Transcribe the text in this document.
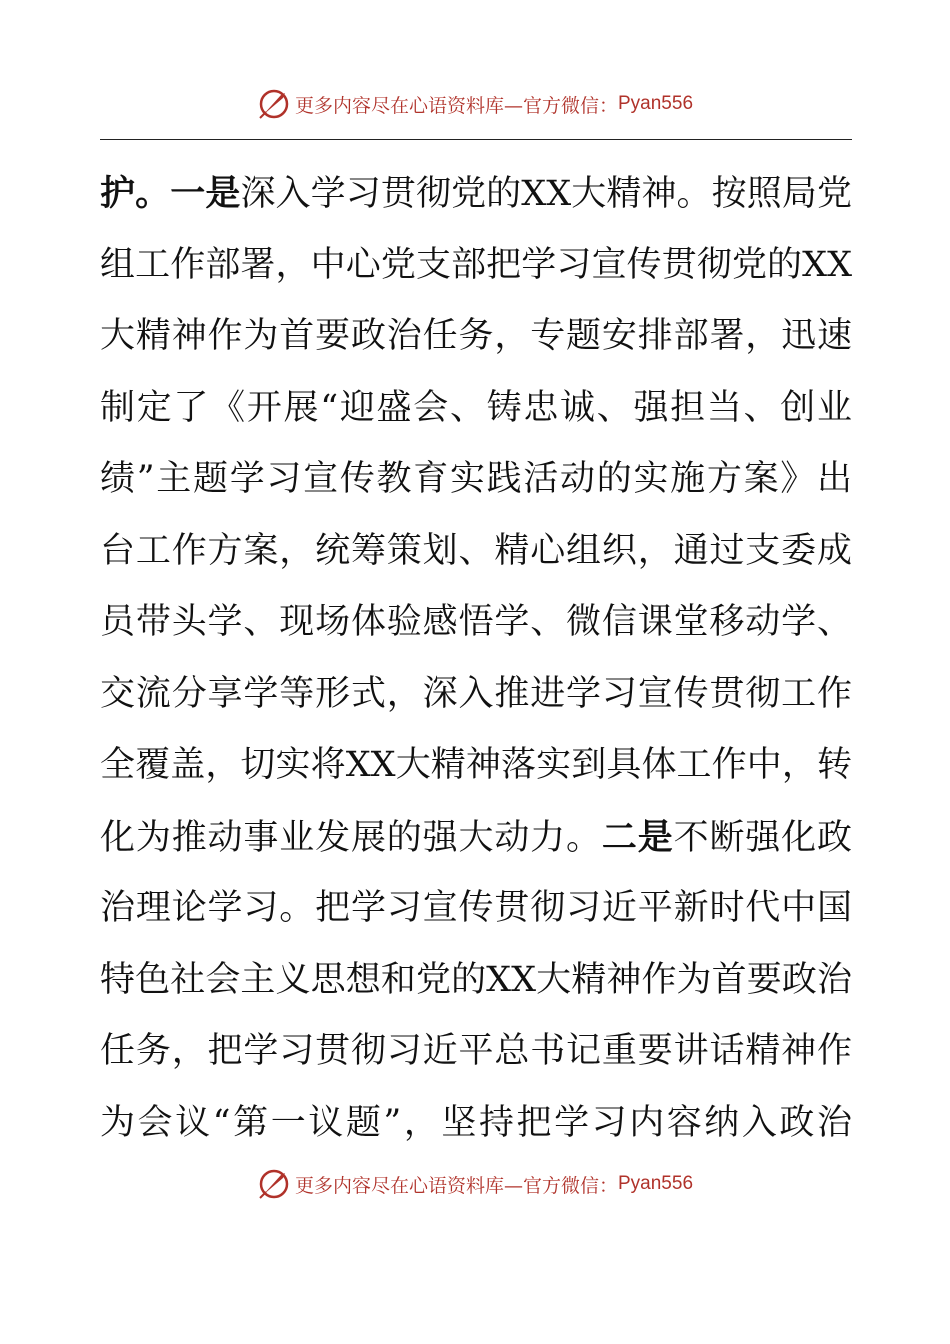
更多内容尽在心语资料库—官方微信： Pyan556
护。一是深入学习贯彻党的XX大精神。按照局党
组工作部署，中心党支部把学习宣传贯彻党的XX
大精神作为首要政治任务，专题安排部署，迅速
制定了《开展“迎盛会、铸忠诚、强担当、创业
绩”主题学习宣传教育实践活动的实施方案》出
台工作方案，统筹策划、精心组织，通过支委成
员带头学、现场体验感悟学、微信课堂移动学、
交流分享学等形式，深入推进学习宣传贯彻工作
全覆盖，切实将XX大精神落实到具体工作中，转
化为推动事业发展的强大动力。二是不断强化政
治理论学习。把学习宣传贯彻习近平新时代中国
特色社会主义思想和党的XX大精神作为首要政治
任务，把学习贯彻习近平总书记重要讲话精神作
为会议“第一议题”，坚持把学习内容纳入政治
更多内容尽在心语资料库—官方微信： Pyan556
